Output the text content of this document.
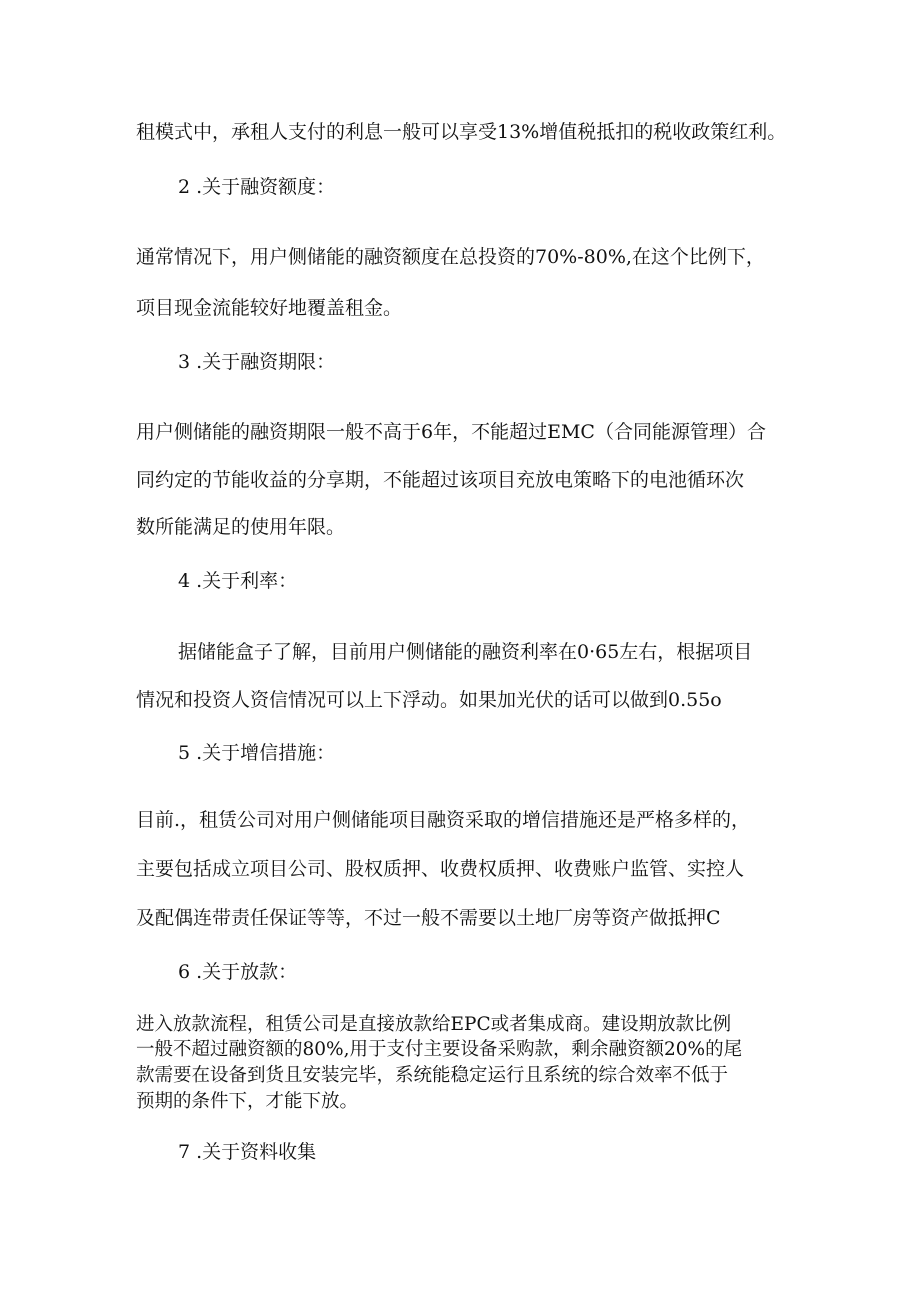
租模式中，承租人支付的利息一般可以享受13%增值税抵扣的税收政策红利。
2 .关于融资额度：
通常情况下，用户侧储能的融资额度在总投资的70%-80%,在这个比例下，
项目现金流能较好地覆盖租金。
3 .关于融资期限：
用户侧储能的融资期限一般不高于6年，不能超过EMC（合同能源管理）合
同约定的节能收益的分享期，不能超过该项目充放电策略下的电池循环次
数所能满足的使用年限。
4 .关于利率：
据储能盒子了解，目前用户侧储能的融资利率在0·65左右，根据项目
情况和投资人资信情况可以上下浮动。如果加光伏的话可以做到0.55o
5 .关于增信措施：
目前.，租赁公司对用户侧储能项目融资采取的增信措施还是严格多样的，
主要包括成立项目公司、股权质押、收费权质押、收费账户监管、实控人
及配偶连带责任保证等等，不过一般不需要以土地厂房等资产做抵押C
6 .关于放款：
进入放款流程，租赁公司是直接放款给EPC或者集成商。建设期放款比例
一般不超过融资额的80%,用于支付主要设备采购款，剩余融资额20%的尾
款需要在设备到货且安装完毕，系统能稳定运行且系统的综合效率不低于
预期的条件下，才能下放。
7 .关于资料收集
